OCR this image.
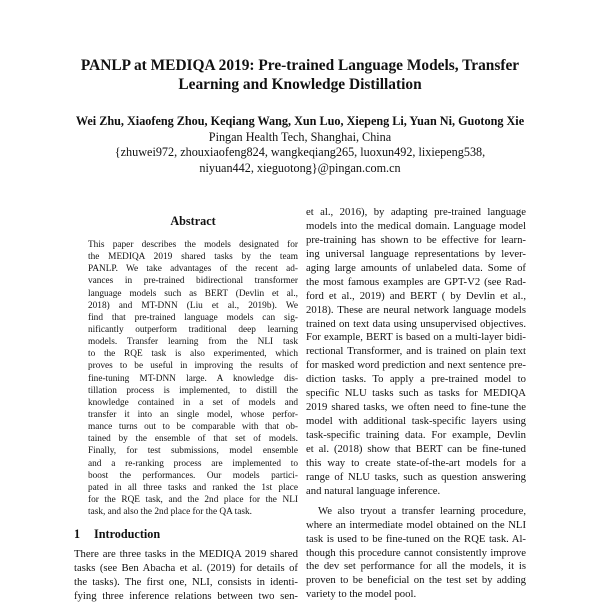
PANLP at MEDIQA 2019: Pre-trained Language Models, Transfer
Learning and Knowledge Distillation
Wei Zhu, Xiaofeng Zhou, Keqiang Wang, Xun Luo, Xiepeng Li, Yuan Ni, Guotong Xie
Pingan Health Tech, Shanghai, China
{zhuwei972, zhouxiaofeng824, wangkeqiang265, luoxun492, lixiepeng538,
niyuan442, xieguotong}@pingan.com.cn
Abstract
This paper describes the models designated for
the MEDIQA 2019 shared tasks by the team
PANLP. We take advantages of the recent ad-
vances in pre-trained bidirectional transformer
language models such as BERT (Devlin et al.,
2018) and MT-DNN (Liu et al., 2019b). We
find that pre-trained language models can sig-
nificantly outperform traditional deep learning
models. Transfer learning from the NLI task
to the RQE task is also experimented, which
proves to be useful in improving the results of
fine-tuning MT-DNN large. A knowledge dis-
tillation process is implemented, to distill the
knowledge contained in a set of models and
transfer it into an single model, whose perfor-
mance turns out to be comparable with that ob-
tained by the ensemble of that set of models.
Finally, for test submissions, model ensemble
and a re-ranking process are implemented to
boost the performances. Our models partici-
pated in all three tasks and ranked the 1st place
for the RQE task, and the 2nd place for the NLI
task, and also the 2nd place for the QA task.
1 Introduction
There are three tasks in the MEDIQA 2019 shared
tasks (see Ben Abacha et al. (2019) for details of
the tasks). The first one, NLI, consists in identi-
fying three inference relations between two sen-
et al., 2016), by adapting pre-trained language
models into the medical domain. Language model
pre-training has shown to be effective for learn-
ing universal language representations by lever-
aging large amounts of unlabeled data. Some of
the most famous examples are GPT-V2 (see Rad-
ford et al., 2019) and BERT ( by Devlin et al.,
2018). These are neural network language models
trained on text data using unsupervised objectives.
For example, BERT is based on a multi-layer bidi-
rectional Transformer, and is trained on plain text
for masked word prediction and next sentence pre-
diction tasks. To apply a pre-trained model to
specific NLU tasks such as tasks for MEDIQA
2019 shared tasks, we often need to fine-tune the
model with additional task-specific layers using
task-specific training data. For example, Devlin
et al. (2018) show that BERT can be fine-tuned
this way to create state-of-the-art models for a
range of NLU tasks, such as question answering
and natural language inference.
We also tryout a transfer learning procedure,
where an intermediate model obtained on the NLI
task is used to be fine-tuned on the RQE task. Al-
though this procedure cannot consistently improve
the dev set performance for all the models, it is
proven to be beneficial on the test set by adding
variety to the model pool.
